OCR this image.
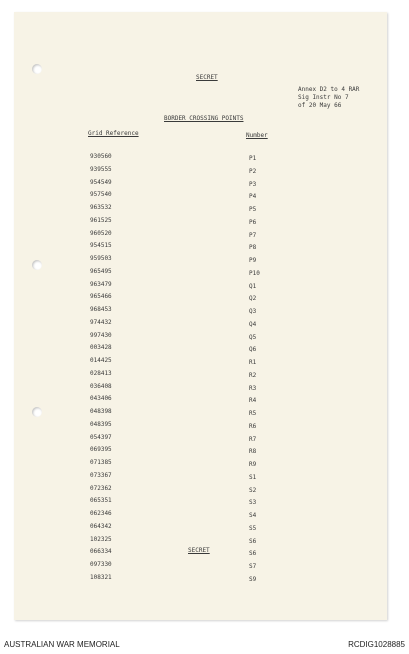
SECRET
Annex D2 to 4 RAR
Sig Instr No 7
of 20 May 66
BORDER CROSSING POINTS
Grid Reference	Number
930560	P1
939555	P2
954549	P3
957540	P4
963532	P5
961525	P6
960520	P7
954515	P8
959503	P9
965495	P10
963479	Q1
965466	Q2
968453	Q3
974432	Q4
997430	Q5
003428	Q6
014425	R1
028413	R2
036408	R3
043406	R4
048398	R5
048395	R6
054397	R7
069395	R8
071385	R9
073367	S1
072362	S2
065351	S3
062346	S4
064342	S5
102325	S6
066334	S6
097330	S7
108321	S9
SECRET
AUSTRALIAN WAR MEMORIAL	RCDIG1028885
